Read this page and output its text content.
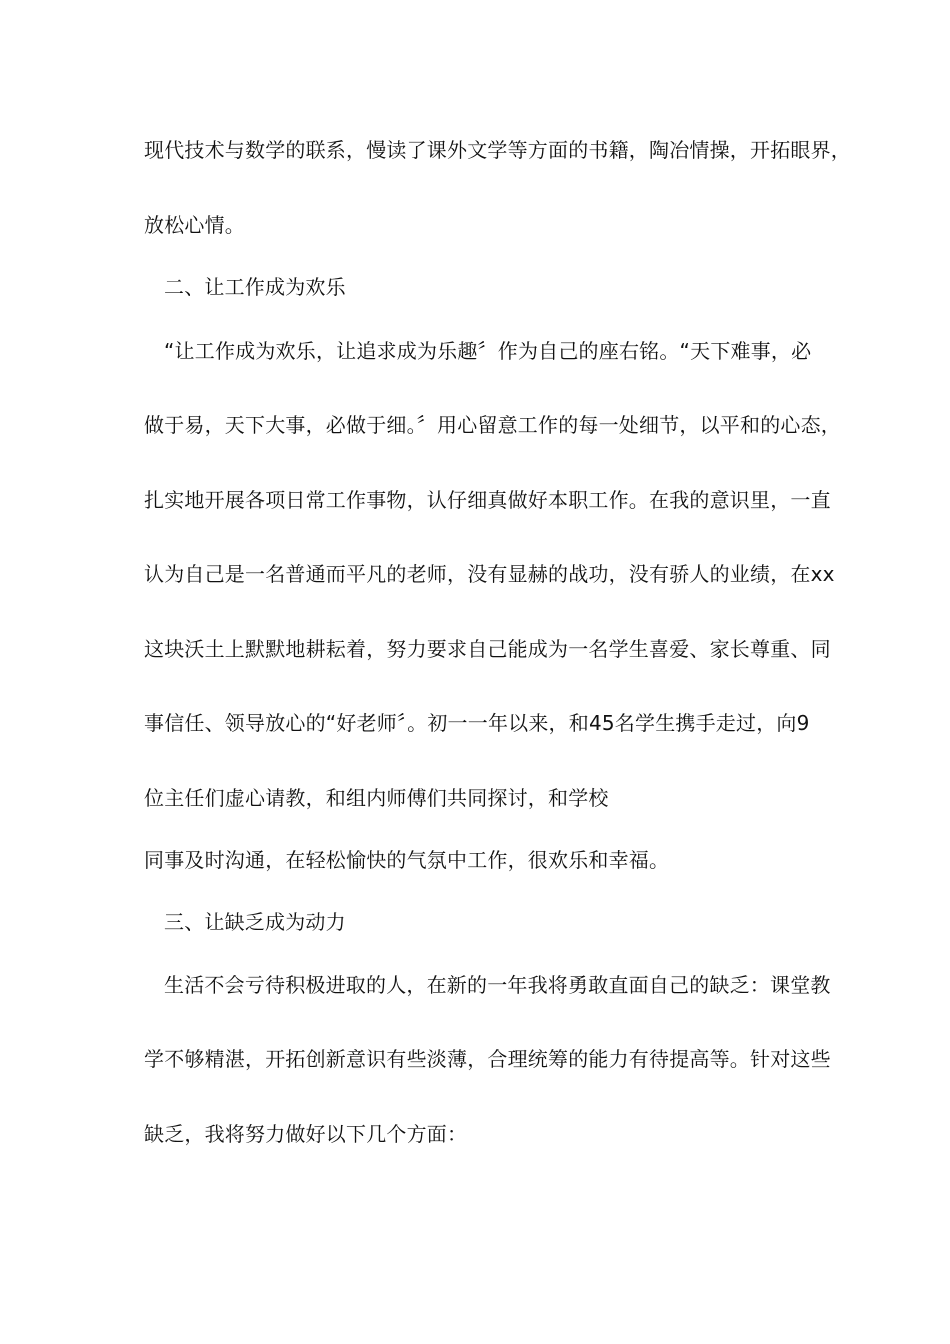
现代技术与数学的联系，慢读了课外文学等方面的书籍，陶冶情操，开拓眼界，
放松心情。
二、让工作成为欢乐
“让工作成为欢乐，让追求成为乐趣〞作为自己的座右铭。“天下难事，必
做于易，天下大事，必做于细。〞用心留意工作的每一处细节，以平和的心态，
扎实地开展各项日常工作事物，认仔细真做好本职工作。在我的意识里，一直
认为自己是一名普通而平凡的老师，没有显赫的战功，没有骄人的业绩，在xx
这块沃土上默默地耕耘着，努力要求自己能成为一名学生喜爱、家长尊重、同
事信任、领导放心的“好老师〞。初一一年以来，和45名学生携手走过，向9
位主任们虚心请教，和组内师傅们共同探讨，和学校
同事及时沟通，在轻松愉快的气氛中工作，很欢乐和幸福。
三、让缺乏成为动力
生活不会亏待积极进取的人，在新的一年我将勇敢直面自己的缺乏：课堂教
学不够精湛，开拓创新意识有些淡薄，合理统筹的能力有待提高等。针对这些
缺乏，我将努力做好以下几个方面：
